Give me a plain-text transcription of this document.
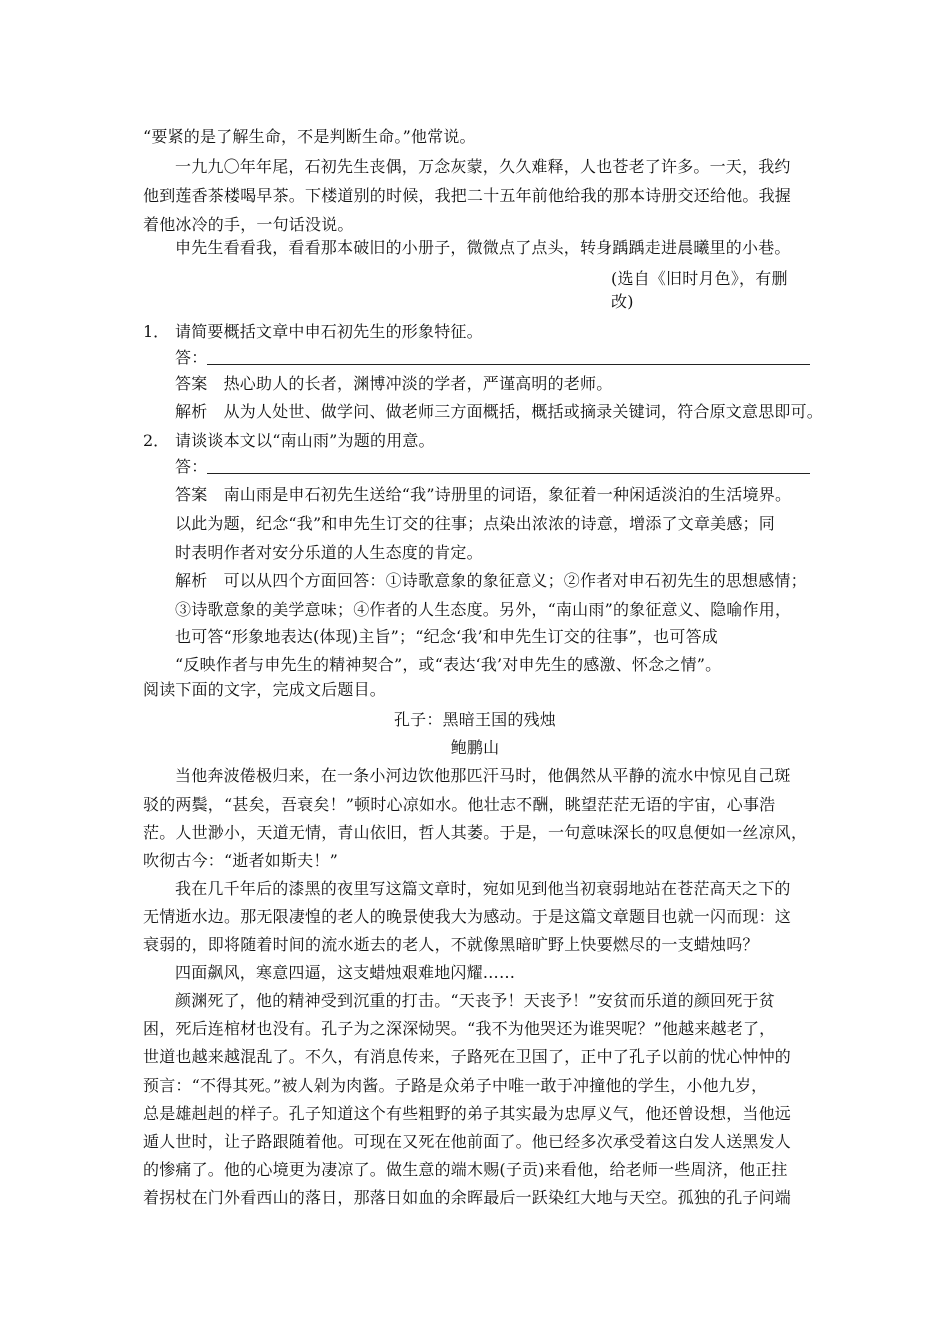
“要紧的是了解生命，不是判断生命。”他常说。
一九九〇年年尾，石初先生丧偶，万念灰蒙，久久难释，人也苍老了许多。一天，我约
他到莲香茶楼喝早茶。下楼道别的时候，我把二十五年前他给我的那本诗册交还给他。我握
着他冰冷的手，一句话没说。
申先生看看我，看看那本破旧的小册子，微微点了点头，转身踽踽走进晨曦里的小巷。
(选自《旧时月色》，有删
改)
1． 请简要概括文章中申石初先生的形象特征。
答：
答案　热心助人的长者，渊博冲淡的学者，严谨高明的老师。
解析　从为人处世、做学问、做老师三方面概括，概括或摘录关键词，符合原文意思即可。
2． 请谈谈本文以“南山雨”为题的用意。
答：
答案　南山雨是申石初先生送给“我”诗册里的词语，象征着一种闲适淡泊的生活境界。
以此为题，纪念“我”和申先生订交的往事；点染出浓浓的诗意，增添了文章美感；同
时表明作者对安分乐道的人生态度的肯定。
解析　可以从四个方面回答：①诗歌意象的象征意义；②作者对申石初先生的思想感情；
③诗歌意象的美学意味；④作者的人生态度。另外，“南山雨”的象征意义、隐喻作用，
也可答“形象地表达(体现)主旨”；“纪念‘我’和申先生订交的往事”，也可答成
“反映作者与申先生的精神契合”，或“表达‘我’对申先生的感激、怀念之情”。
阅读下面的文字，完成文后题目。
孔子：黑暗王国的残烛
鲍鹏山
当他奔波倦极归来，在一条小河边饮他那匹汗马时，他偶然从平静的流水中惊见自己斑
驳的两鬓，“甚矣，吾衰矣！”顿时心凉如水。他壮志不酬，眺望茫茫无语的宇宙，心事浩
茫。人世渺小，天道无情，青山依旧，哲人其萎。于是，一句意味深长的叹息便如一丝凉风，
吹彻古今：“逝者如斯夫！”
我在几千年后的漆黑的夜里写这篇文章时，宛如见到他当初衰弱地站在苍茫高天之下的
无情逝水边。那无限凄惶的老人的晚景使我大为感动。于是这篇文章题目也就一闪而现：这
衰弱的，即将随着时间的流水逝去的老人，不就像黑暗旷野上快要燃尽的一支蜡烛吗？
四面飙风，寒意四逼，这支蜡烛艰难地闪耀……
颜渊死了，他的精神受到沉重的打击。“天丧予！天丧予！”安贫而乐道的颜回死于贫
困，死后连棺材也没有。孔子为之深深恸哭。“我不为他哭还为谁哭呢？”他越来越老了，
世道也越来越混乱了。不久，有消息传来，子路死在卫国了，正中了孔子以前的忧心忡忡的
预言：“不得其死。”被人剁为肉酱。子路是众弟子中唯一敢于冲撞他的学生，小他九岁，
总是雄赳赳的样子。孔子知道这个有些粗野的弟子其实最为忠厚义气，他还曾设想，当他远
遁人世时，让子路跟随着他。可现在又死在他前面了。他已经多次承受着这白发人送黑发人
的惨痛了。他的心境更为凄凉了。做生意的端木赐(子贡)来看他，给老师一些周济，他正拄
着拐杖在门外看西山的落日，那落日如血的余晖最后一跃染红大地与天空。孤独的孔子问端
